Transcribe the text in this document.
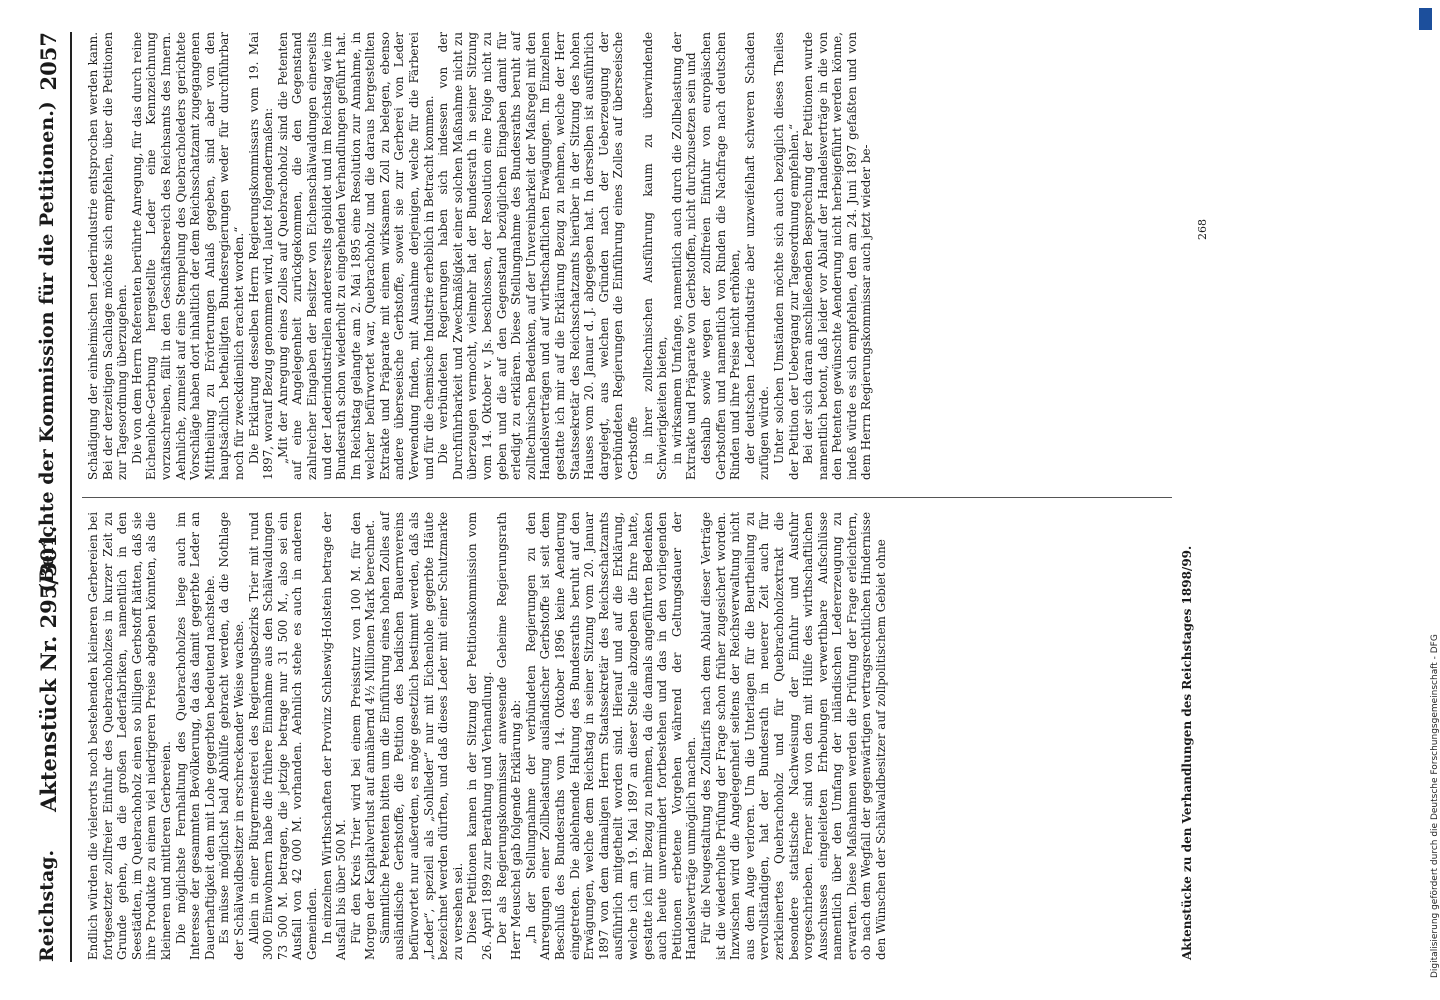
Reichstag.
Aktenstück Nr. 295/301.
(Berichte der Kommission für die Petitionen.)
2057

Endlich würden die vielerorts noch bestehenden kleineren Gerbereien bei fortgesetzter zollfreier Einfuhr des Quebrachoholzes in kurzer Zeit zu Grunde gehen, da die großen Lederfabriken, namentlich in den Seestädten, im Quebrachoholz einen so billigen Gerbstoff hätten, daß sie ihre Produkte zu einem viel niedrigeren Preise abgeben könnten, als die kleineren und mittleren Gerbereien. Die möglichste Fernhaltung des Quebrachoholzes liege auch im Interesse der gesammten Bevölkerung, da das damit gegerbte Leder an Dauerhaftigkeit dem mit Lohe gegerbten bedeutend nachstehe. Es müsse möglichst bald Abhülfe gebracht werden, da die Nothlage der Schälwaldbesitzer in erschreckender Weise wachse. Allein in einer Bürgermeisterei des Regierungsbezirks Trier mit rund 3000 Einwohnern habe die frühere Einnahme aus den Schälwaldungen 73 500 M. betragen, die jetzige betrage nur 31 500 M., also sei ein Ausfall von 42 000 M. vorhanden. Aehnlich stehe es auch in anderen Gemeinden. In einzelnen Wirthschaften der Provinz Schleswig-Holstein betrage der Ausfall bis über 500 M. Für den Kreis Trier wird bei einem Preissturz von 100 M. für den Morgen der Kapitalverlust auf annähernd 4½ Millionen Mark berechnet. Sämmtliche Petenten bitten um die Einführung eines hohen Zolles auf ausländische Gerbstoffe, die Petition des badischen Bauernvereins befürwortet nur außerdem, es möge gesetzlich bestimmt werden, daß als „Leder“, speziell als „Sohlleder“ nur mit Eichenlohe gegerbte Häute bezeichnet werden dürften, und daß dieses Leder mit einer Schutzmarke zu versehen sei. Diese Petitionen kamen in der Sitzung der Petitionskommission vom 26. April 1899 zur Berathung und Verhandlung. Der als Regierungskommissar anwesende Geheime Regierungsrath Herr Meuschel gab folgende Erklärung ab: „In der Stellungnahme der verbündeten Regierungen zu den Anregungen einer Zollbelastung ausländischer Gerbstoffe ist seit dem Beschluß des Bundesraths vom 14. Oktober 1896 keine Aenderung eingetreten. Die ablehnende Haltung des Bundesraths beruht auf den Erwägungen, welche dem Reichstag in seiner Sitzung vom 20. Januar 1897 von dem damaligen Herrn Staatssekretär des Reichsschatzamts ausführlich mitgetheilt worden sind. Hierauf und auf die Erklärung, welche ich am 19. Mai 1897 an dieser Stelle abzugeben die Ehre hatte, gestatte ich mir Bezug zu nehmen, da die damals angeführten Bedenken auch heute unvermindert fortbestehen und das in den vorliegenden Petitionen erbetene Vorgehen während der Geltungsdauer der Handelsverträge unmöglich machen. Für die Neugestaltung des Zolltarifs nach dem Ablauf dieser Verträge ist die wiederholte Prüfung der Frage schon früher zugesichert worden. Inzwischen wird die Angelegenheit seitens der Reichsverwaltung nicht aus dem Auge verloren. Um die Unterlagen für die Beurtheilung zu vervollständigen, hat der Bundesrath in neuerer Zeit auch für zerkleinertes Quebrachoholz und für Quebrachoholzextrakt die besondere statistische Nachweisung der Einfuhr und Ausfuhr vorgeschrieben. Ferner sind von den mit Hülfe des wirthschaftlichen Ausschusses eingeleiteten Erhebungen verwerthbare Aufschlüsse namentlich über den Umfang der inländischen Ledererzeugung zu erwarten. Diese Maßnahmen werden die Prüfung der Frage erleichtern, ob nach dem Wegfall der gegenwärtigen vertragsrechtlichen Hindernisse den Wünschen der Schälwaldbesitzer auf zollpolitischem Gebiet ohne

Schädigung der einheimischen Lederindustrie entsprochen werden kann. Bei der derzeitigen Sachlage möchte sich empfehlen, über die Petitionen zur Tagesordnung überzugehen. Die von dem Herrn Referenten berührte Anregung, für das durch reine Eichenlohe-Gerbung hergestellte Leder eine Kennzeichnung vorzuschreiben, fällt in den Geschäftsbereich des Reichsamts des Innern. Aehnliche, zumeist auf eine Stempelung des Quebracholeders gerichtete Vorschläge haben dort inhaltlich der dem Reichsschatzamt zugegangenen Mittheilung zu Erörterungen Anlaß gegeben, sind aber von den hauptsächlich betheiligten Bundesregierungen weder für durchführbar noch für zweckdienlich erachtet worden.“ Die Erklärung desselben Herrn Regierungskommissars vom 19. Mai 1897, worauf Bezug genommen wird, lautet folgendermaßen: „Mit der Anregung eines Zolles auf Quebrachoholz sind die Petenten auf eine Angelegenheit zurückgekommen, die den Gegenstand zahlreicher Eingaben der Besitzer von Eichenschälwaldungen einerseits und der Lederindustriellen andererseits gebildet und im Reichstag wie im Bundesrath schon wiederholt zu eingehenden Verhandlungen geführt hat. Im Reichstag gelangte am 2. Mai 1895 eine Resolution zur Annahme, in welcher befürwortet war, Quebrachoholz und die daraus hergestellten Extrakte und Präparate mit einem wirksamen Zoll zu belegen, ebenso andere überseeische Gerbstoffe, soweit sie zur Gerberei von Leder Verwendung finden, mit Ausnahme derjenigen, welche für die Färberei und für die chemische Industrie erheblich in Betracht kommen. Die verbündeten Regierungen haben sich indessen von der Durchführbarkeit und Zweckmäßigkeit einer solchen Maßnahme nicht zu überzeugen vermocht, vielmehr hat der Bundesrath in seiner Sitzung vom 14. Oktober v. Js. beschlossen, der Resolution eine Folge nicht zu geben und die auf den Gegenstand bezüglichen Eingaben damit für erledigt zu erklären. Diese Stellungnahme des Bundesraths beruht auf zolltechnischen Bedenken, auf der Unvereinbarkeit der Maßregel mit den Handelsverträgen und auf wirthschaftlichen Erwägungen. Im Einzelnen gestatte ich mir auf die Erklärung Bezug zu nehmen, welche der Herr Staatssekretär des Reichsschatzamts hierüber in der Sitzung des hohen Hauses vom 20. Januar d. J. abgegeben hat. In derselben ist ausführlich dargelegt, aus welchen Gründen nach der Ueberzeugung der verbündeten Regierungen die Einführung eines Zolles auf überseeische Gerbstoffe in ihrer zolltechnischen Ausführung kaum zu überwindende Schwierigkeiten bieten, in wirksamem Umfange, namentlich auch durch die Zollbelastung der Extrakte und Präparate von Gerbstoffen, nicht durchzusetzen sein und deshalb sowie wegen der zollfreien Einfuhr von europäischen Gerbstoffen und namentlich von Rinden die Nachfrage nach deutschen Rinden und ihre Preise nicht erhöhen, der deutschen Lederindustrie aber unzweifelhaft schweren Schaden zufügen würde. Unter solchen Umständen möchte sich auch bezüglich dieses Theiles der Petition der Uebergang zur Tagesordnung empfehlen.“ Bei der sich daran anschließenden Besprechung der Petitionen wurde namentlich betont, daß leider vor Ablauf der Handelsverträge in die von den Petenten gewünschte Aenderung nicht herbeigeführt werden könne, indeß würde es sich empfehlen, den am 24. Juni 1897 gefaßten und von dem Herrn Regierungskommissar auch jetzt wieder be-

Aktenstücke zu den Verhandlungen des Reichstages 1898/99.
268
Digitalisierung gefördert durch die Deutsche Forschungsgemeinschaft - DFG
